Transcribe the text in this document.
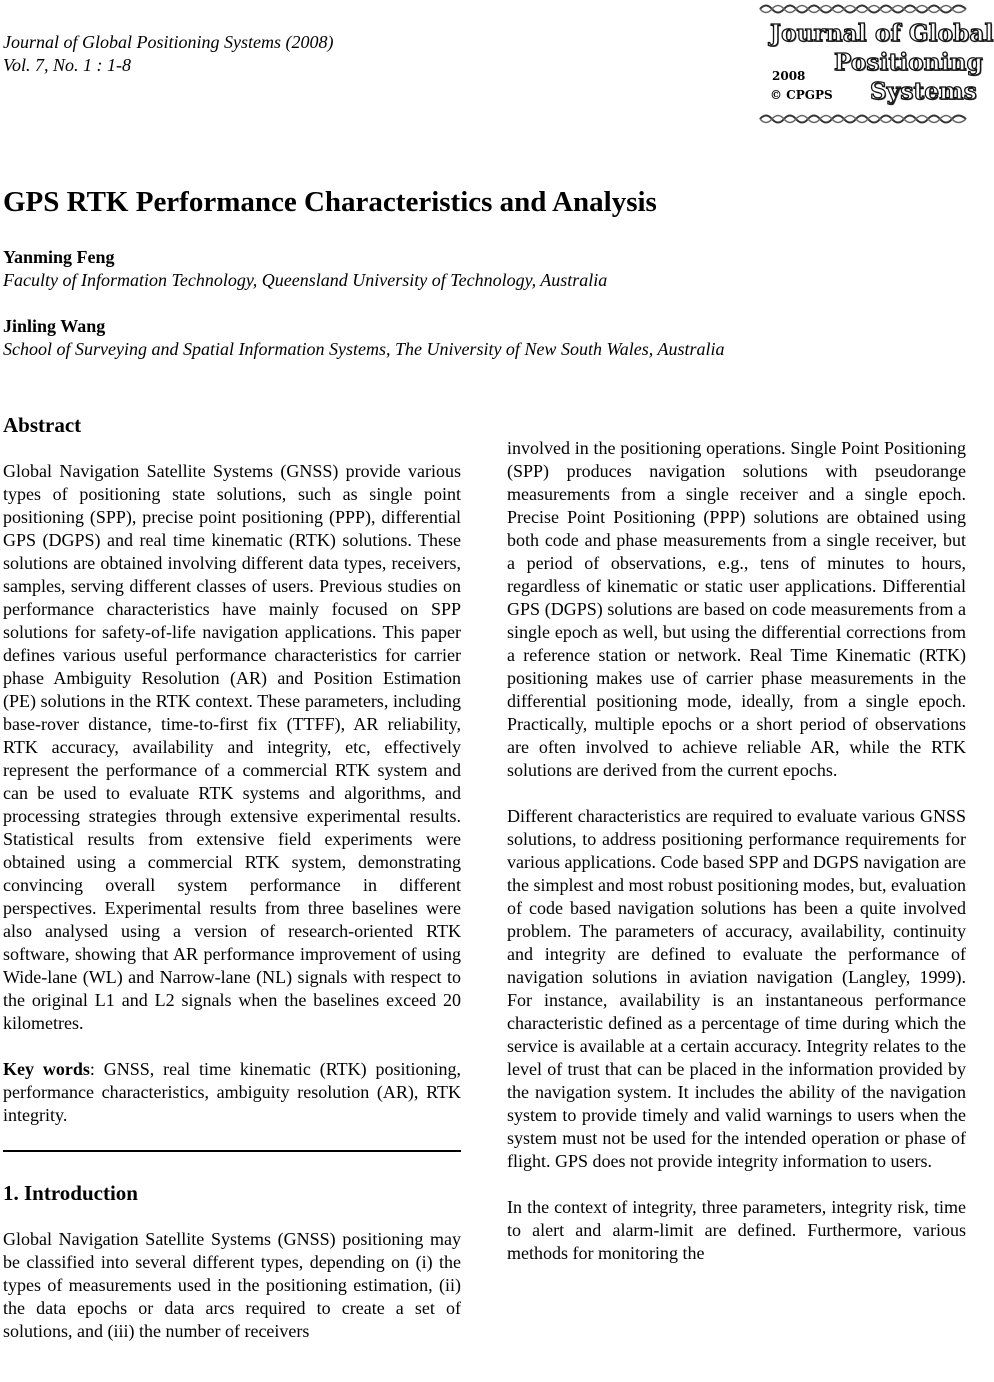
Journal of Global Positioning Systems (2008)
Vol. 7, No. 1 : 1-8
Journal of Global
2008 Positioning
© CPGPS Systems
GPS RTK Performance Characteristics and Analysis
Yanming Feng
Faculty of Information Technology, Queensland University of Technology, Australia
Jinling Wang
School of Surveying and Spatial Information Systems, The University of New South Wales, Australia
Abstract

Global Navigation Satellite Systems (GNSS) provide various types of positioning state solutions, such as single point positioning (SPP), precise point positioning (PPP), differential GPS (DGPS) and real time kinematic (RTK) solutions. These solutions are obtained involving different data types, receivers, samples, serving different classes of users. Previous studies on performance characteristics have mainly focused on SPP solutions for safety-of-life navigation applications. This paper defines various useful performance characteristics for carrier phase Ambiguity Resolution (AR) and Position Estimation (PE) solutions in the RTK context. These parameters, including base-rover distance, time-to-first fix (TTFF), AR reliability, RTK accuracy, availability and integrity, etc, effectively represent the performance of a commercial RTK system and can be used to evaluate RTK systems and algorithms, and processing strategies through extensive experimental results. Statistical results from extensive field experiments were obtained using a commercial RTK system, demonstrating convincing overall system performance in different perspectives. Experimental results from three baselines were also analysed using a version of research-oriented RTK software, showing that AR performance improvement of using Wide-lane (WL) and Narrow-lane (NL) signals with respect to the original L1 and L2 signals when the baselines exceed 20 kilometres.

Key words: GNSS, real time kinematic (RTK) positioning, performance characteristics, ambiguity resolution (AR), RTK integrity.

1. Introduction

Global Navigation Satellite Systems (GNSS) positioning may be classified into several different types, depending on (i) the types of measurements used in the positioning estimation, (ii) the data epochs or data arcs required to create a set of solutions, and (iii) the number of receivers

involved in the positioning operations. Single Point Positioning (SPP) produces navigation solutions with pseudorange measurements from a single receiver and a single epoch. Precise Point Positioning (PPP) solutions are obtained using both code and phase measurements from a single receiver, but a period of observations, e.g., tens of minutes to hours, regardless of kinematic or static user applications. Differential GPS (DGPS) solutions are based on code measurements from a single epoch as well, but using the differential corrections from a reference station or network. Real Time Kinematic (RTK) positioning makes use of carrier phase measurements in the differential positioning mode, ideally, from a single epoch. Practically, multiple epochs or a short period of observations are often involved to achieve reliable AR, while the RTK solutions are derived from the current epochs.

Different characteristics are required to evaluate various GNSS solutions, to address positioning performance requirements for various applications. Code based SPP and DGPS navigation are the simplest and most robust positioning modes, but, evaluation of code based navigation solutions has been a quite involved problem. The parameters of accuracy, availability, continuity and integrity are defined to evaluate the performance of navigation solutions in aviation navigation (Langley, 1999). For instance, availability is an instantaneous performance characteristic defined as a percentage of time during which the service is available at a certain accuracy. Integrity relates to the level of trust that can be placed in the information provided by the navigation system. It includes the ability of the navigation system to provide timely and valid warnings to users when the system must not be used for the intended operation or phase of flight. GPS does not provide integrity information to users.

In the context of integrity, three parameters, integrity risk, time to alert and alarm-limit are defined. Furthermore, various methods for monitoring the
